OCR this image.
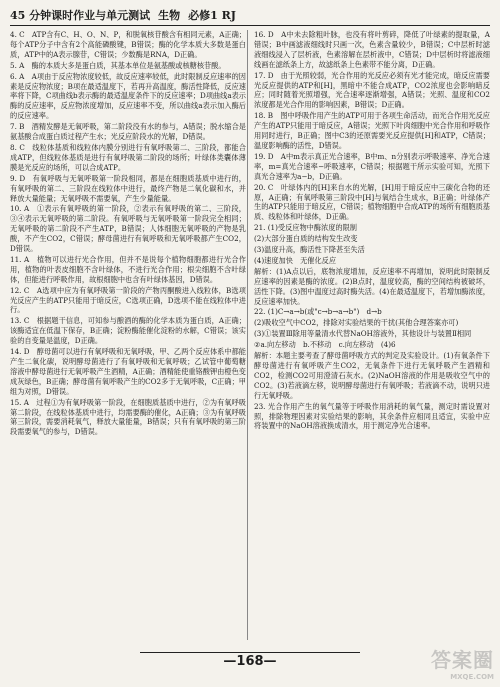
45 分钟课时作业与单元测试 生物 必修1 RJ

4. C　ATP含有C、H、O、N、P，和脱氧核苷酸含有相同元素，A正确；每个ATP分子中含有2个高能磷酸键，B错误；酶的化学本质大多数是蛋白质，ATP中的A表示腺苷，C错误；少数酶是RNA，D正确。

5. A　酶的本质大多是蛋白质，其基本单位是氨基酸或核糖核苷酸。

6. A　A项由于反应物浓度较低，故反应速率较低，此时限制反应速率的因素是反应物浓度；B项在最适温度下，若再升高温度，酶活性降低，反应速率将下降，C项曲线b表示酶的最适温度条件下的反应速率；D项曲线a表示酶的反应速率，反应物浓度增加，反应速率不变，所以曲线a表示加入酶后的反应速率。

7. B　酒精发酵是无氧呼吸，第二阶段没有水的参与，A错误；脱水缩合是氨基酸合成蛋白质过程产生水；光反应阶段水的光解，D错误。

8. C　线粒体基质和线粒体内膜分别进行有氧呼吸第二、三阶段，都能合成ATP，但线粒体基质是进行有氧呼吸第二阶段的场所；叶绿体类囊体薄膜是光反应的场所，可以合成ATP。

9. D　有氧呼吸与无氧呼吸第一阶段相同，都是在细胞质基质中进行的，有氧呼吸的第二、三阶段在线粒体中进行，最终产物是二氧化碳和水，并释放大量能量；无氧呼吸不需要氧，产生少量能量。

10. A　①表示有氧呼吸的第一阶段，②表示有氧呼吸的第二、三阶段，③④表示无氧呼吸的第二阶段。有氧呼吸与无氧呼吸第一阶段完全相同；无氧呼吸的第二阶段不产生ATP，B错误；人体细胞无氧呼吸的产物是乳酸，不产生CO2，C错误；酵母菌进行有氧呼吸和无氧呼吸都产生CO2，D错误。

11. A　植物可以进行光合作用，但并不是说每个植物细胞都进行光合作用，植物的叶表皮细胞不含叶绿体，不进行光合作用；根尖细胞不含叶绿体，但能进行呼吸作用，故根细胞中也含有叶绿体基因，D错误。

12. C　A选项中应为有氧呼吸第一阶段的产物丙酮酸进入线粒体，B选项光反应产生的ATP只能用于暗反应，C选项正确，D选项不能在线粒体中进行。

13. C　根据题干信息，可知参与酿酒的酶的化学本质为蛋白质，A正确；该酶适宜在低温下保存，B正确；淀粉酶能催化淀粉的水解，C错误；该实验的自变量是温度，D正确。

14. D　醇母菌可以进行有氧呼吸和无氧呼吸，甲、乙两个反应体系中都能产生二氧化碳，说明酵母菌进行了有氧呼吸和无氧呼吸；乙试管中葡萄糖溶液中酵母菌进行无氧呼吸产生酒精，A正确；酒精能使重铬酸钾由橙色变成灰绿色，B正确；酵母菌有氧呼吸产生的CO2多于无氧呼吸，C正确；甲组为对照，D错误。

15. A　过程①为有氧呼吸第一阶段，在细胞质基质中进行，②为有氧呼吸第二阶段，在线粒体基质中进行，均需要酶的催化，A正确；③为有氧呼吸第三阶段，需要消耗氧气，释放大量能量，B错误；只有有氧呼吸的第三阶段需要氧气的参与，D错误。

16. D　A中未去除粗叶脉，也没有将叶剪碎，降低了叶绿素的提取量，A错误；B中画滤液细线时只画一次，色素含量较少，B错误；C中层析时滤液细线浸入了层析液，色素溶解在层析液中，C错误；D中层析时将滤液细线画在滤纸条上方，故滤纸条上色素带不能分离，D正确。

17. D　由于光照较弱，光合作用的光反应必须有光才能完成，暗反应需要光反应提供的ATP和[H]，黑暗中不能合成ATP，CO2浓度也会影响暗反应；同时随着光照增强，光合速率逐渐增强，A错误；光照、温度和CO2浓度都是光合作用的影响因素，B错误；D正确。

18. B　图中呼吸作用产生的ATP可用于各项生命活动，而光合作用光反应产生的ATP只能用于暗反应，A错误；光照下叶肉细胞中光合作用和呼吸作用同时进行，B正确；图中C3的还原需要光反应提供[H]和ATP，C错误；温度影响酶的活性，D错误。

19. D　A中m表示真正光合速率，B中m、n分别表示呼吸速率、净光合速率，m=真光合速率−呼吸速率，C错误；根据题干所示实验可知，光照下真光合速率为a−b，D正确。

20. C　叶绿体内的[H]来自水的光解，[H]用于暗反应中三碳化合物的还原，A正确；有氧呼吸第三阶段中[H]与氧结合生成水，B正确；叶绿体产生的ATP只能用于暗反应，C错误；植物细胞中合成ATP的场所有细胞质基质、线粒体和叶绿体，D正确。

21. (1)受反应物中酶浓度的限制

(2)大部分蛋白质的结构发生改变

(3)温度升高，酶活性下降甚至失活

(4)速度加快　无催化反应

解析：(1)A点以后，底物浓度增加，反应速率不再增加，说明此时限制反应速率的因素是酶的浓度。(2)B点时，温度较高，酶的空间结构被破坏，活性下降。(3)图中温度过高时酶失活。(4)在最适温度下，若增加酶浓度，反应速率加快。

22. (1)C→a→b(或"c→b→a→b")　d→b

(2)吸收空气中CO2，排除对实验结果的干扰(其他合理答案亦可)

(3)①装置Ⅲ除用等量清水代替NaOH溶液外，其他设计与装置Ⅱ相同

②a.向左移动　b.不移动　c.向左移动　(4)6

解析：本题主要考查了酵母菌呼吸方式的判定及实验设计。(1)有氧条件下酵母菌进行有氧呼吸产生CO2，无氧条件下进行无氧呼吸产生酒精和CO2，检测CO2可用澄清石灰水。(2)NaOH溶液的作用是吸收空气中的CO2。(3)若液滴左移，说明酵母菌进行有氧呼吸；若液滴不动，说明只进行无氧呼吸。

23. 光合作用产生的氧气量等于呼吸作用消耗的氧气量，测定时需设置对照，排除物理因素对实验结果的影响，其余条件应相同且适宜，实验中应将装置中的NaOH溶液换成清水，用于测定净光合速率。

—168—	答案圈
MXQE.COM
